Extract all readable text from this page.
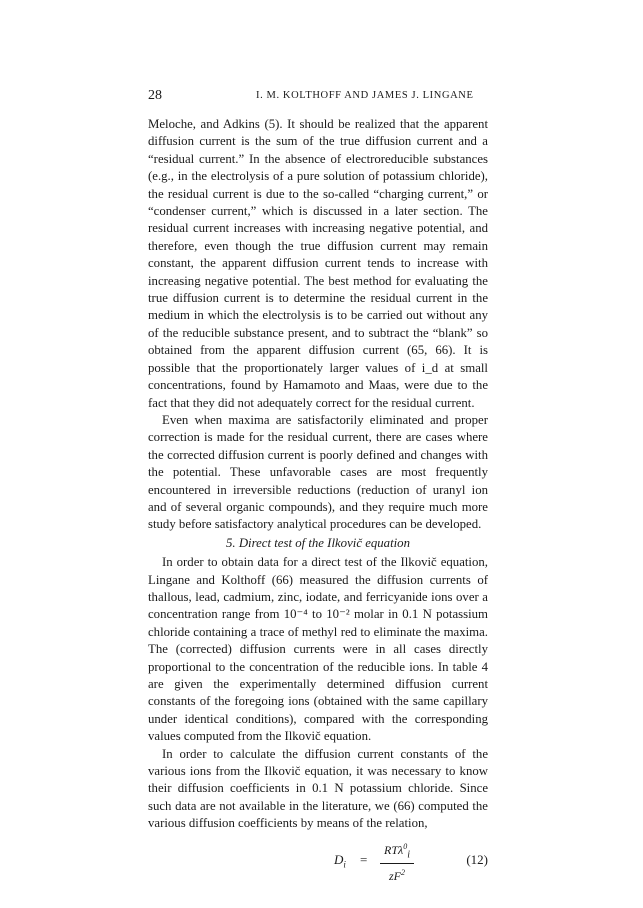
28	I. M. KOLTHOFF AND JAMES J. LINGANE

Meloche, and Adkins (5). It should be realized that the apparent diffusion current is the sum of the true diffusion current and a “residual current.” In the absence of electroreducible substances (e.g., in the electrolysis of a pure solution of potassium chloride), the residual current is due to the so-called “charging current,” or “condenser current,” which is discussed in a later section. The residual current increases with increasing negative potential, and therefore, even though the true diffusion current may remain constant, the apparent diffusion current tends to increase with increasing negative potential. The best method for evaluating the true diffusion current is to determine the residual current in the medium in which the electrolysis is to be carried out without any of the reducible substance present, and to subtract the “blank” so obtained from the apparent diffusion current (65, 66). It is possible that the proportionately larger values of i_d at small concentrations, found by Hamamoto and Maas, were due to the fact that they did not adequately correct for the residual current.

Even when maxima are satisfactorily eliminated and proper correction is made for the residual current, there are cases where the corrected diffusion current is poorly defined and changes with the potential. These unfavorable cases are most frequently encountered in irreversible reductions (reduction of uranyl ion and of several organic compounds), and they require much more study before satisfactory analytical procedures can be developed.

5. Direct test of the Ilkovič equation

In order to obtain data for a direct test of the Ilkovič equation, Lingane and Kolthoff (66) measured the diffusion currents of thallous, lead, cadmium, zinc, iodate, and ferricyanide ions over a concentration range from 10⁻⁴ to 10⁻² molar in 0.1 N potassium chloride containing a trace of methyl red to eliminate the maxima. The (corrected) diffusion currents were in all cases directly proportional to the concentration of the reducible ions. In table 4 are given the experimentally determined diffusion current constants of the foregoing ions (obtained with the same capillary under identical conditions), compared with the corresponding values computed from the Ilkovič equation.

In order to calculate the diffusion current constants of the various ions from the Ilkovič equation, it was necessary to know their diffusion coefficients in 0.1 N potassium chloride. Since such data are not available in the literature, we (66) computed the various diffusion coefficients by means of the relation,

$D_i$ =
RTλ$^0_i$
$zF^2$
(12)
